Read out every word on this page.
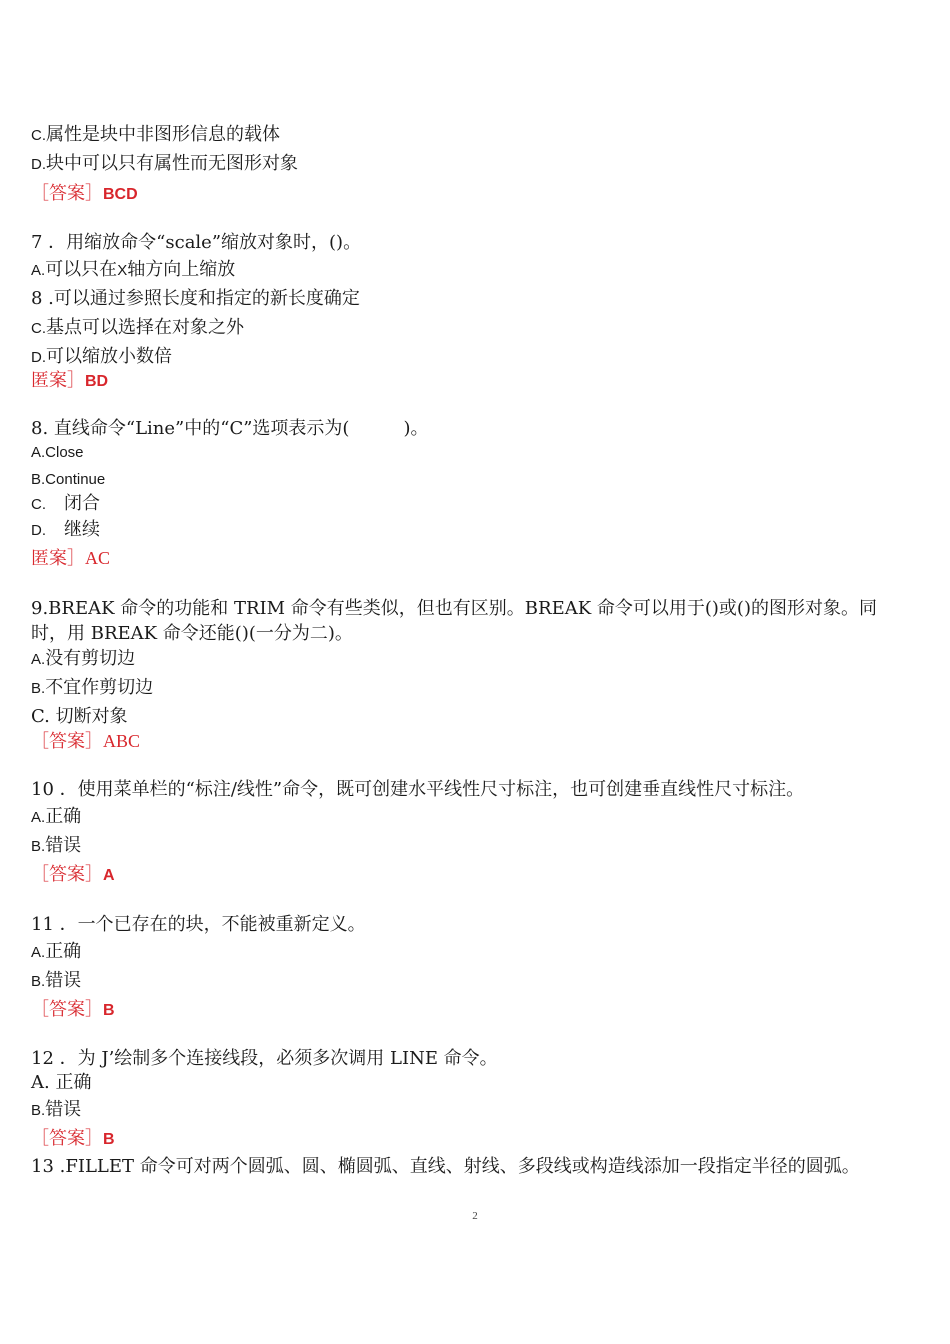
C.属性是块中非图形信息的载体
D.块中可以只有属性而无图形对象
［答案］BCD
7 ．用缩放命令“scale”缩放对象时，()。
A.可以只在X轴方向上缩放
8 .可以通过参照长度和指定的新长度确定
C.基点可以选择在对象之外
D.可以缩放小数倍
匿案］BD
8. 直线命令“Line”中的“C”选项表示为(　　　)。
A.Close
B.Continue
C.　闭合
D.　继续
匿案］AC
9.BREAK 命令的功能和 TRIM 命令有些类似，但也有区别。BREAK 命令可以用于()或()的图形对象。同时，用 BREAK 命令还能()(一分为二)。
A.没有剪切边
B.不宜作剪切边
C. 切断对象
［答案］ABC
10 ．使用菜单栏的“标注/线性”命令，既可创建水平线性尺寸标注，也可创建垂直线性尺寸标注。
A.正确
B.错误
［答案］A
11 ．一个已存在的块，不能被重新定义。
A.正确
B.错误
［答案］B
12 ．为 J’绘制多个连接线段，必须多次调用 LINE 命令。
A. 正确
B.错误
［答案］B
13 .FILLET 命令可对两个圆弧、圆、椭圆弧、直线、射线、多段线或构造线添加一段指定半径的圆弧。
2
